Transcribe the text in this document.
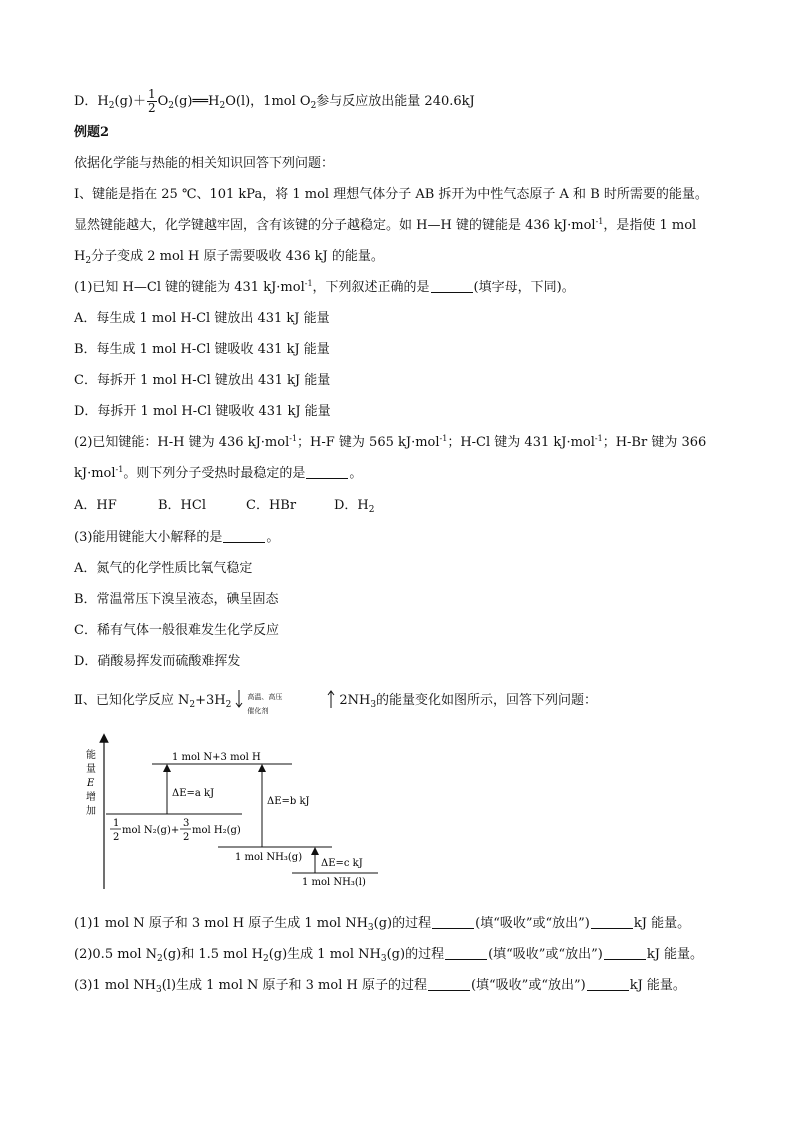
D．$H_2(g)+ \frac{1}{2}$ $O_2(g)══H_2O(l)$，1mol $O_2$参与反应放出能量 240.6kJ
例题2
依据化学能与热能的相关知识回答下列问题：
Ⅰ、键能是指在 25 ℃、101 kPa，将 1 mol 理想气体分子 AB 拆开为中性气态原子 A 和 B 时所需要的能量。
显然键能越大，化学键越牢固，含有该键的分子越稳定。如 H—H 键的键能是 436 kJ·mol$^{-1}$，是指使 1 mol
$H_2$分子变成 2 mol H 原子需要吸收 436 kJ 的能量。
(1)已知 H—Cl 键的键能为 431 kJ·mol$^{-1}$，下列叙述正确的是	(填字母，下同)。
A．每生成 1 mol H-Cl 键放出 431 kJ 能量
B．每生成 1 mol H-Cl 键吸收 431 kJ 能量
C．每拆开 1 mol H-Cl 键放出 431 kJ 能量
D．每拆开 1 mol H-Cl 键吸收 431 kJ 能量
(2)已知键能：H-H 键为 436 kJ·mol$^{-1}$；H-F 键为 565 kJ·mol$^{-1}$；H-Cl 键为 431 kJ·mol$^{-1}$；H-Br 键为 366
kJ·mol$^{-1}$。则下列分子受热时最稳定的是	。
A．HF	B．HCl	C．HBr	D．$H_2$
(3)能用键能大小解释的是	。
A．氮气的化学性质比氧气稳定
B．常温常压下溴呈液态，碘呈固态
C．稀有气体一般很难发生化学反应
D．硝酸易挥发而硫酸难挥发
Ⅱ、已知化学反应 $N_2+3H_2$
高温、高压
催化剂
$2NH_3$的能量变化如图所示，回答下列问题：
能
量
E
增
加
1 mol N+3 mol H
ΔE=a kJ
1
2
mol N₂(g)+
3
2
mol H₂(g)
1 mol NH₃(g)
ΔE=b kJ
1 mol NH₃(l)
ΔE=c kJ
(1)1 mol N 原子和 3 mol H 原子生成 1 mol $NH_3(g)$的过程	(填“吸收”或“放出”)	kJ 能量。
(2)0.5 mol $N_2(g)$和 1.5 mol $H_2(g)$生成 1 mol $NH_3(g)$的过程	(填“吸收”或“放出”)	kJ 能量。
(3)1 mol $NH_3(l)$生成 1 mol N 原子和 3 mol H 原子的过程	(填“吸收”或“放出”)	kJ 能量。
